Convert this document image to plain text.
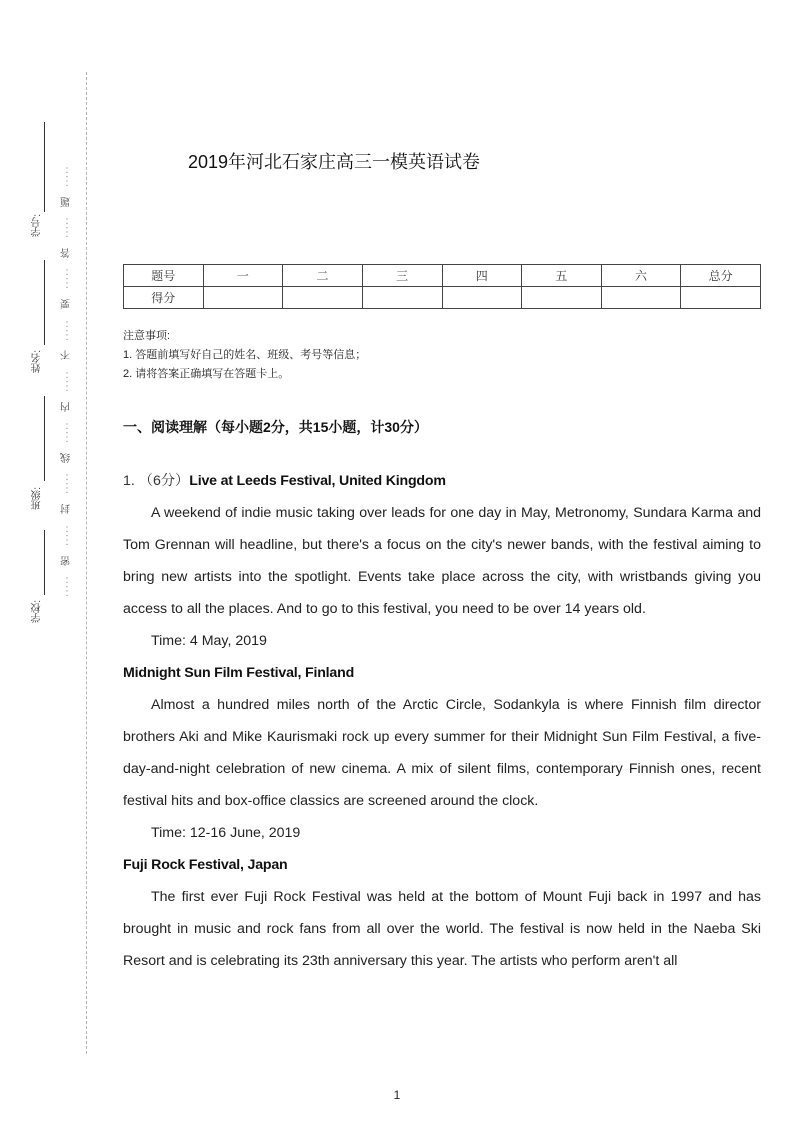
学号:
姓名:
班级:
学校:
·····
密
·····
封
·····
线
·····
内
·····
不
·····
要
·····
答
·····
题
·····
2019年河北石家庄高三一模英语试卷
题号	一	二	三	四	五	六	总分
得分							
注意事项:
1. 答题前填写好自己的姓名、班级、考号等信息；
2. 请将答案正确填写在答题卡上。
一、阅读理解（每小题2分，共15小题，计30分）

1. （6分）Live at Leeds Festival, United Kingdom

A weekend of indie music taking over leads for one day in May, Metronomy, Sundara Karma and Tom Grennan will headline, but there's a focus on the city's newer bands, with the festival aiming to bring new artists into the spotlight. Events take place across the city, with wristbands giving you access to all the places. And to go to this festival, you need to be over 14 years old.

Time: 4 May, 2019

Midnight Sun Film Festival, Finland

Almost a hundred miles north of the Arctic Circle, Sodankyla is where Finnish film director brothers Aki and Mike Kaurismaki rock up every summer for their Midnight Sun Film Festival, a five-day-and-night celebration of new cinema. A mix of silent films, contemporary Finnish ones, recent festival hits and box-office classics are screened around the clock.

Time: 12-16 June, 2019

Fuji Rock Festival, Japan

The first ever Fuji Rock Festival was held at the bottom of Mount Fuji back in 1997 and has brought in music and rock fans from all over the world. The festival is now held in the Naeba Ski Resort and is celebrating its 23th anniversary this year. The artists who perform aren't all

1
